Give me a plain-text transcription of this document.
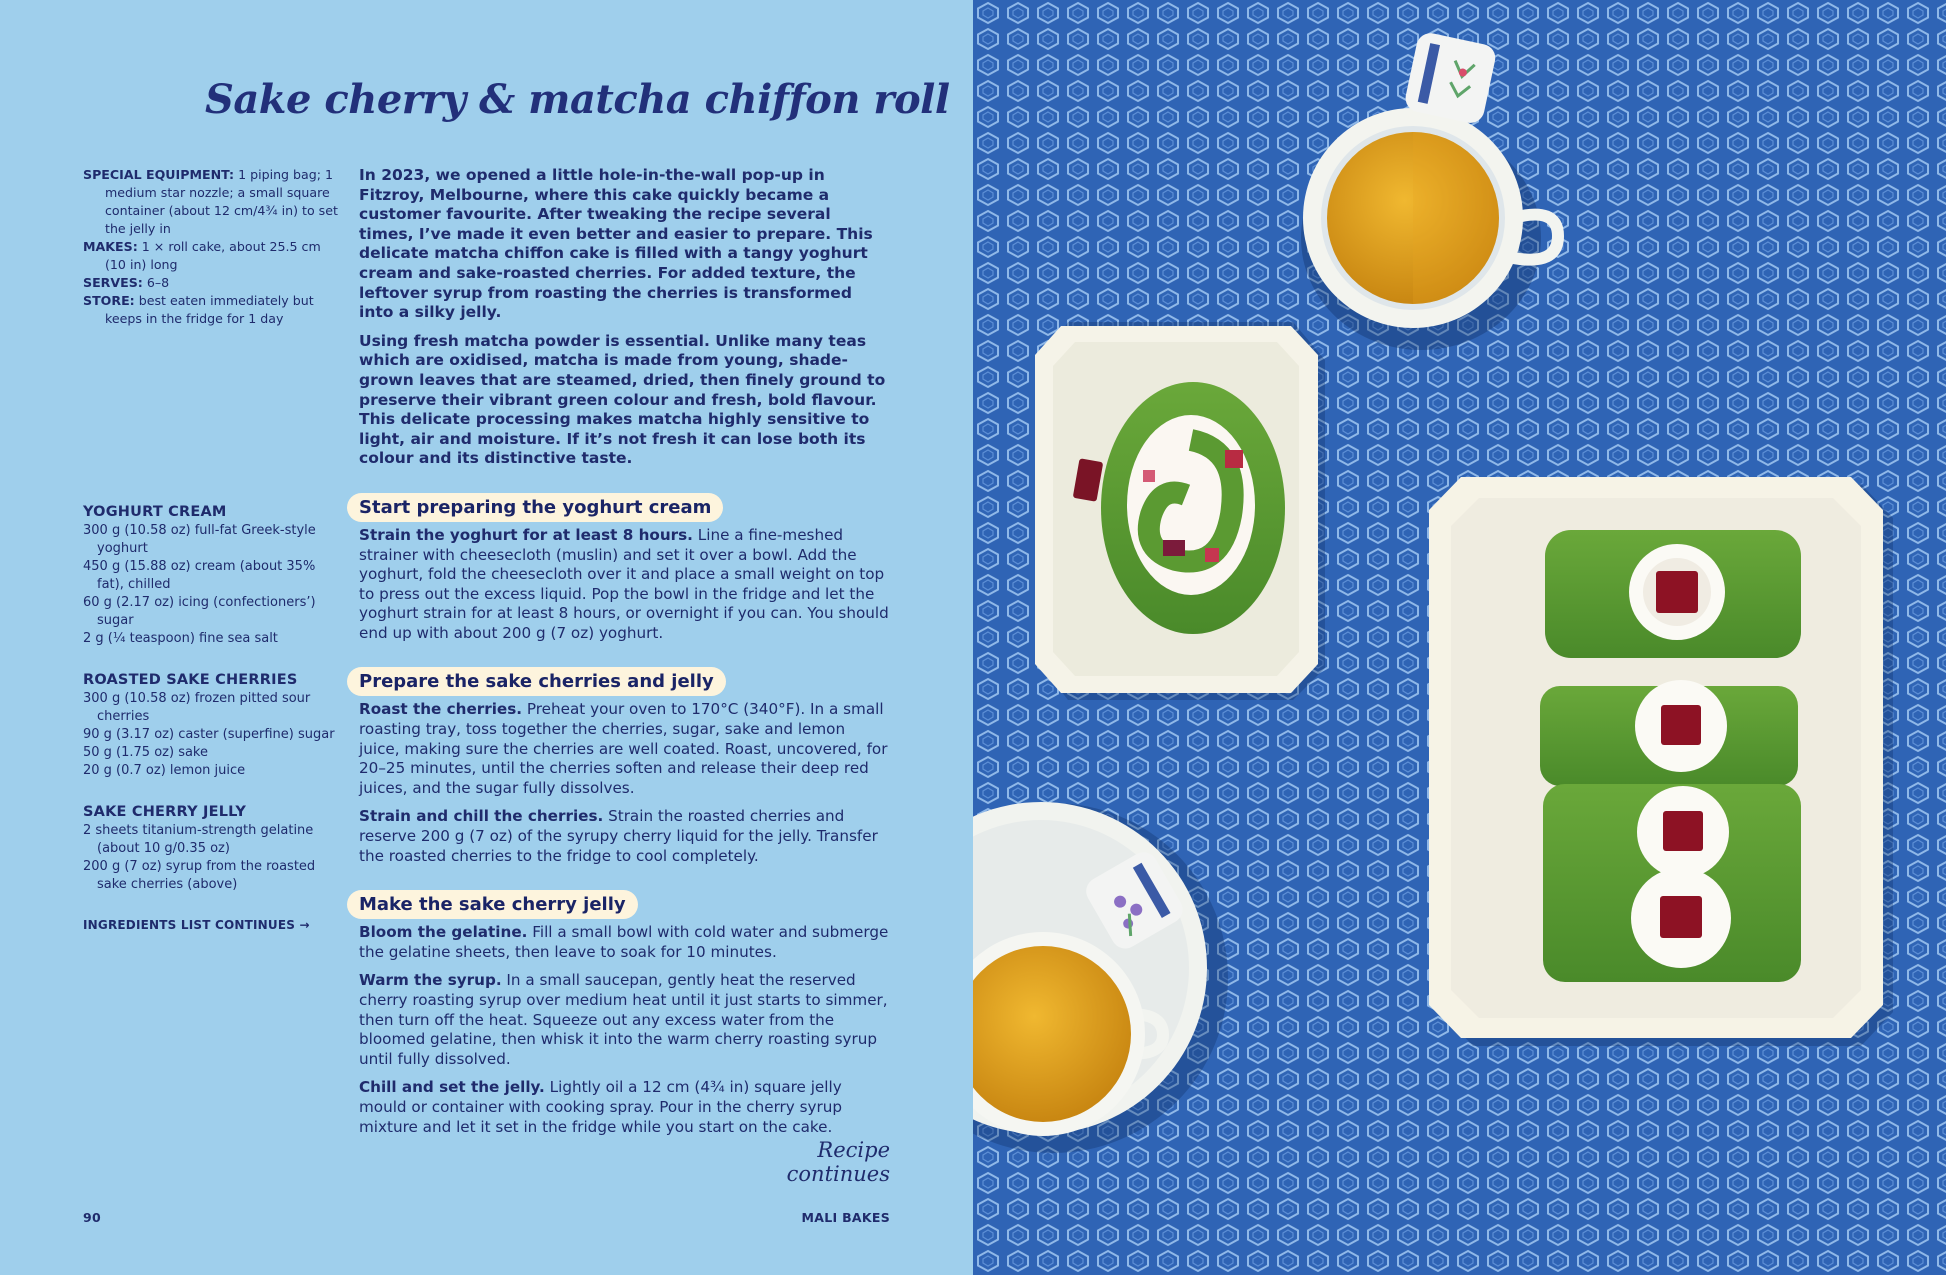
Sake cherry & matcha chiffon roll
SPECIAL EQUIPMENT: 1 piping bag; 1 medium star nozzle; a small square container (about 12 cm/4¾ in) to set the jelly in
MAKES: 1 × roll cake, about 25.5 cm (10 in) long
SERVES: 6–8
STORE: best eaten immediately but keeps in the fridge for 1 day
YOGHURT CREAM
300 g (10.58 oz) full-fat Greek-style yoghurt
450 g (15.88 oz) cream (about 35% fat), chilled
60 g (2.17 oz) icing (confectioners’) sugar
2 g (¼ teaspoon) fine sea salt
ROASTED SAKE CHERRIES
300 g (10.58 oz) frozen pitted sour cherries
90 g (3.17 oz) caster (superfine) sugar
50 g (1.75 oz) sake
20 g (0.7 oz) lemon juice
SAKE CHERRY JELLY
2 sheets titanium-strength gelatine (about 10 g/0.35 oz)
200 g (7 oz) syrup from the roasted sake cherries (above)
INGREDIENTS LIST CONTINUES →

In 2023, we opened a little hole-in-the-wall pop-up in Fitzroy, Melbourne, where this cake quickly became a customer favourite. After tweaking the recipe several times, I’ve made it even better and easier to prepare. This delicate matcha chiffon cake is filled with a tangy yoghurt cream and sake-roasted cherries. For added texture, the leftover syrup from roasting the cherries is transformed into a silky jelly.

Using fresh matcha powder is essential. Unlike many teas which are oxidised, matcha is made from young, shade-grown leaves that are steamed, dried, then finely ground to preserve their vibrant green colour and fresh, bold flavour. This delicate processing makes matcha highly sensitive to light, air and moisture. If it’s not fresh it can lose both its colour and its distinctive taste.

Start preparing the yoghurt cream

Strain the yoghurt for at least 8 hours. Line a fine-meshed strainer with cheesecloth (muslin) and set it over a bowl. Add the yoghurt, fold the cheesecloth over it and place a small weight on top to press out the excess liquid. Pop the bowl in the fridge and let the yoghurt strain for at least 8 hours, or overnight if you can. You should end up with about 200 g (7 oz) yoghurt.

Prepare the sake cherries and jelly

Roast the cherries. Preheat your oven to 170°C (340°F). In a small roasting tray, toss together the cherries, sugar, sake and lemon juice, making sure the cherries are well coated. Roast, uncovered, for 20–25 minutes, until the cherries soften and release their deep red juices, and the sugar fully dissolves.

Strain and chill the cherries. Strain the roasted cherries and reserve 200 g (7 oz) of the syrupy cherry liquid for the jelly. Transfer the roasted cherries to the fridge to cool completely.

Make the sake cherry jelly

Bloom the gelatine. Fill a small bowl with cold water and submerge the gelatine sheets, then leave to soak for 10 minutes.

Warm the syrup. In a small saucepan, gently heat the reserved cherry roasting syrup over medium heat until it just starts to simmer, then turn off the heat. Squeeze out any excess water from the bloomed gelatine, then whisk it into the warm cherry roasting syrup until fully dissolved.

Chill and set the jelly. Lightly oil a 12 cm (4¾ in) square jelly mould or container with cooking spray. Pour in the cherry syrup mixture and let it set in the fridge while you start on the cake.

Recipe continues
90	MALI BAKES
